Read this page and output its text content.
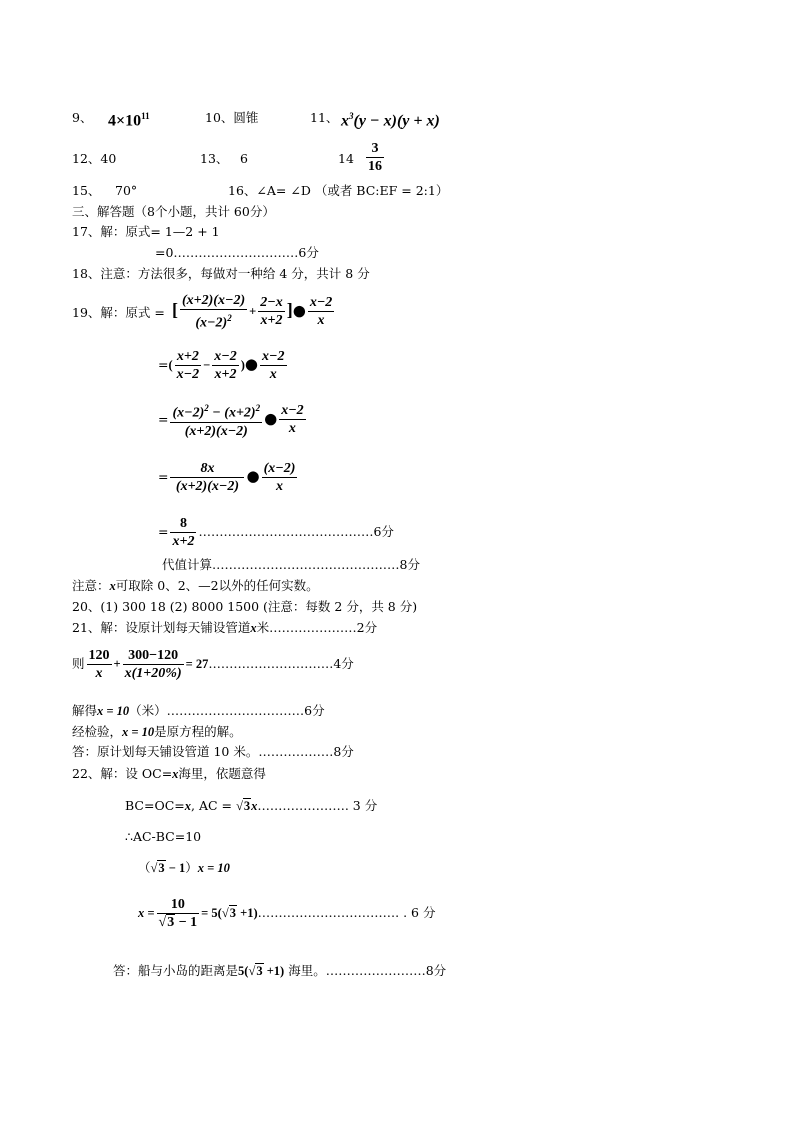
9、 $4\times 10^{11}$	10、圆锥	11、 $x^3(y - x)(y + x)$
12、40	13、 6	$14 \frac{3}{16}$
15、 70°	16、∠A= ∠D （或者 BC:EF = 2:1）
三、解答题（8个小题，共计 60分）
17、解：原式= 1—2 + 1
=0…………………………6分
18、注意：方法很多，每做对一种给 4 分，共计 8 分
19、解：原式 = [ $\frac{(x+2)(x-2)}{(x-2)^2} + \frac{2-x}{x+2}$ ]● $\frac{x-2}{x}$
=( $\frac{x+2}{x-2} - \frac{x-2}{x+2}$ )● $\frac{x-2}{x}$
= $\frac{(x-2)^2 - (x+2)^2}{(x+2)(x-2)}$ ● $\frac{x-2}{x}$
= $\frac{8x}{(x+2)(x-2)}$ ● $\frac{(x-2)}{x}$
= $\frac{8}{x+2}$ ……………………………………6分
代值计算………………………………………8分
注意：x可取除 0、2、—2以外的任何实数。
20、(1) 300 18 (2) 8000 1500 (注意：每数 2 分，共 8 分)
21、解：设原计划每天铺设管道x米…………………2分
则 $\frac{120}{x} + \frac{300-120}{x(1+20\%)}$ = 27…………………………4分
解得x = 10（米）……………………………6分
经检验，x = 10是原方程的解。
答：原计划每天铺设管道 10 米。………………8分
22、解：设 OC=x海里，依题意得
BC=OC=x, AC = √3x…………………. 3 分
∴AC-BC=10
（√3 − 1）x = 10
$x = \frac{10}{√3 - 1} = 5(√3$ +1)……………………………. . 6 分
答：船与小岛的距离是5(√3 +1) 海里。……………………8分
